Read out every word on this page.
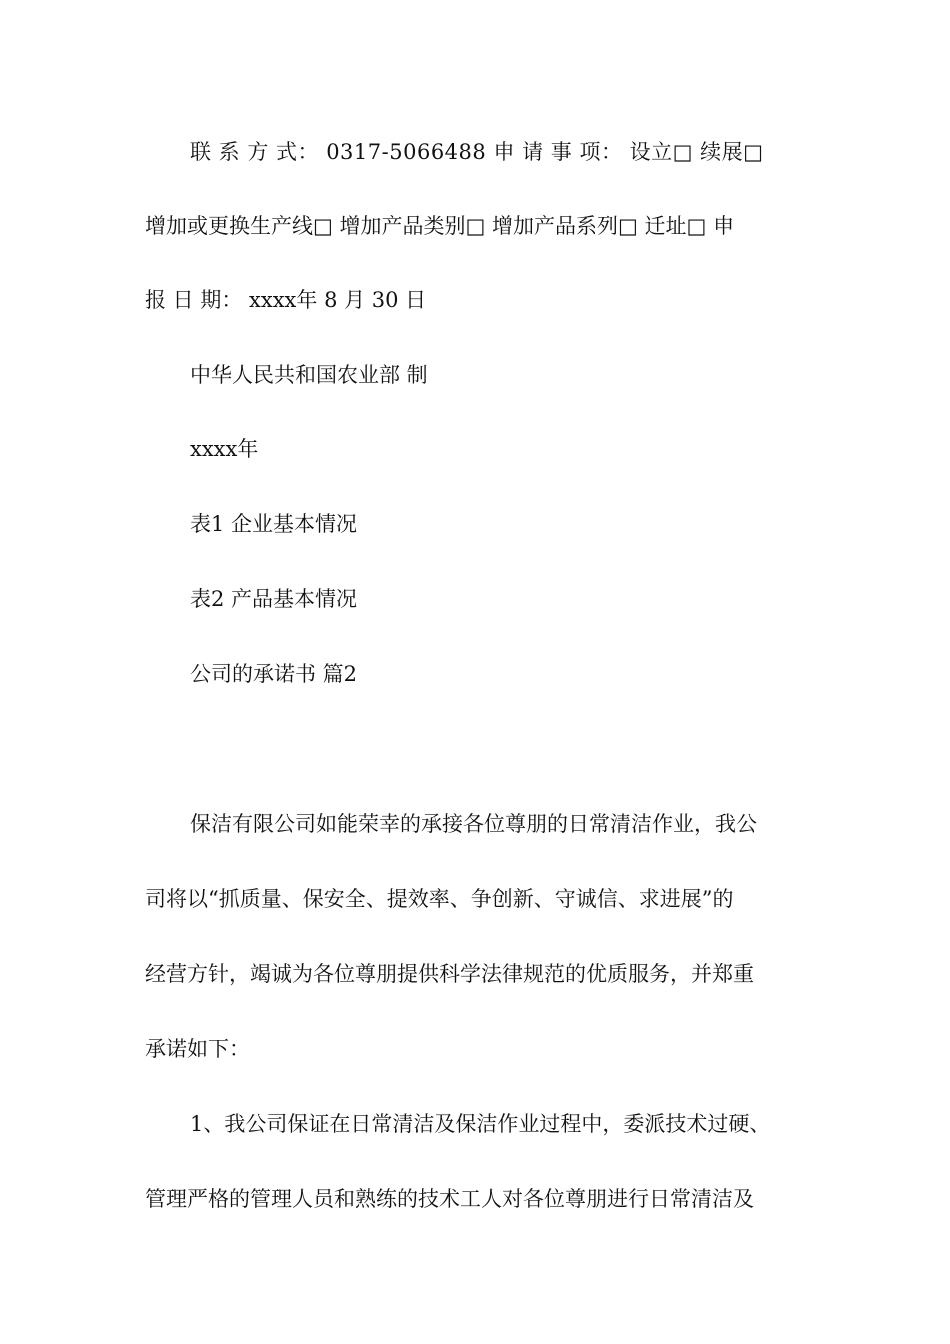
联 系 方 式： 0317-5066488 申 请 事 项： 设立□ 续展□
增加或更换生产线□ 增加产品类别□ 增加产品系列□ 迁址□ 申
报 日 期： xxxx年 8 月 30 日
中华人民共和国农业部 制
xxxx年
表1 企业基本情况
表2 产品基本情况
公司的承诺书 篇2
保洁有限公司如能荣幸的承接各位尊朋的日常清洁作业，我公
司将以“抓质量、保安全、提效率、争创新、守诚信、求进展”的
经营方针，竭诚为各位尊朋提供科学法律规范的优质服务，并郑重
承诺如下：
1、我公司保证在日常清洁及保洁作业过程中，委派技术过硬、
管理严格的管理人员和熟练的技术工人对各位尊朋进行日常清洁及
